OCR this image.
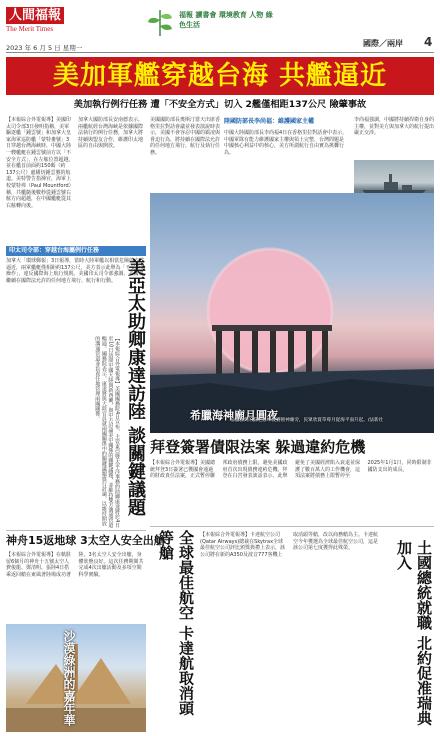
人間福報
The Merit Times
2023 年 6 月 5 日 星期一
福報 讀書會 環境教育 人物 綠色生活
國際／兩岸 4
美加軍艦穿越台海 共艦逼近
美加執行例行任務 遭「不安全方式」切入 2艦僅相距137公尺 險肇事故
【本報綜合外電報導】美國印太司令部3日發明指稱，美軍驅逐艦「鍾雲號」和加拿大皇家海軍巡防艦「蒙特婁號」3日穿越台灣海峽時，中國大陸一艘艦艇在鍾雲號前方以「不安全方式」，在左舷位置超越，並在艦首前面約150碼（約137公尺）處橫切鍾雲號的航道。美特警告指揮官，海軍上校蒙特弗（Paul Mountford）稱，共艦隨後數秒從鍾雲號右舷方向超越，在中國艦艇從其右舷轉向後。
加拿大國防部長安南德表示，兩艦航經台灣海峽是依據國際法執行的例行任務，加拿大將持續與盟友合作，維護印太地區的自由與開放。
印太司令部：穿越台海屬例行任務
加拿大「環球郵報」3日報導，當時大陸軍艦以相當危險的方式逼近，兩軍艦艇僅相距約137公尺，美方表示此舉為「不安全的操作」，違反國際海上航行規則。美國印太司令部強調，美國將繼續在國際法允許的任何地方飛行、航行和行動。
美國國防部長奧斯汀當天出席香格里拉對話會議並發表演說時表示，美國不會容忍中國的霸凌與脅迫行為，將持續在國際法允許的任何地方飛行、航行及執行任務。
陸國防部長李尚福：維護國家主權
中國大陸國防部長李尚福4日在香格里拉對話會中表示，中國軍隊有能力維護國家主權與領土完整，台灣問題是中國核心利益中的核心，美方所謂航行自由實為挑釁行為。
李尚福強調，中國將持續捍衛自身的主權，並對美方與加拿大的航行提出嚴正交涉。
美亞太助卿康達訪陸 談關鍵議題
【本報綜合外電報導】美國國務院4日宣布，主管東亞暨太平洋事務的助卿康達將於4日至10日訪問中國大陸與新西蘭，與中方討論美中關係的關鍵議題，並維持雙方溝通管道暢通。國務院表示，康達將與大陸官員就兩國關係中的關鍵議題進行討論，以維持開放的溝通管道並負責任地管理兩國關係。	希臘海神廟月圓夜
希臘雅典的蘇尼恩岬波賽頓神廟旁，民眾欣賞草莓月從海平面升起。/法新社
拜登簽署債限法案 躲過違約危機
【本報綜合外電報導】美國總統拜登3日簽署已獲國會通過的財政責任法案，正式暫停聯邦政府債務上限，避免美國政府首次出現債務違約危機。拜登在白宮發表談話表示，此舉避免了美國經濟陷入衰退並保護了數百萬人的工作機會，這項法案將債務上限暫停至2025年1月1日，同時限制非國防支出的成長。
神舟15返地球 3太空人安全出艙
【本報綜合外電報導】在軌駐留6個月的神舟十五號太空人費俊龍、鄧清明、張陸4日搭乘返回艙在東風著陸場成功著陸，3名太空人安全出艙，身體狀態良好。這次任務期間共完成4次出艙活動及多項空間科學實驗。
沙漠綠洲的嘉年華	全球最佳航空 卡達航取消頭等艙	【本報綜合外電報導】卡達航空公司(Qatar Airways)總裁在Skytrax全球最佳航空公司評比頒獎典禮上表示，該公司將在新的A350及波音777客機上取消頭等艙，改以商務艙為主。卡達航空今年獲選為全球最佳航空公司，這是該公司第七度獲得此殊榮。	土國總統就職 北約促准瑞典加入
